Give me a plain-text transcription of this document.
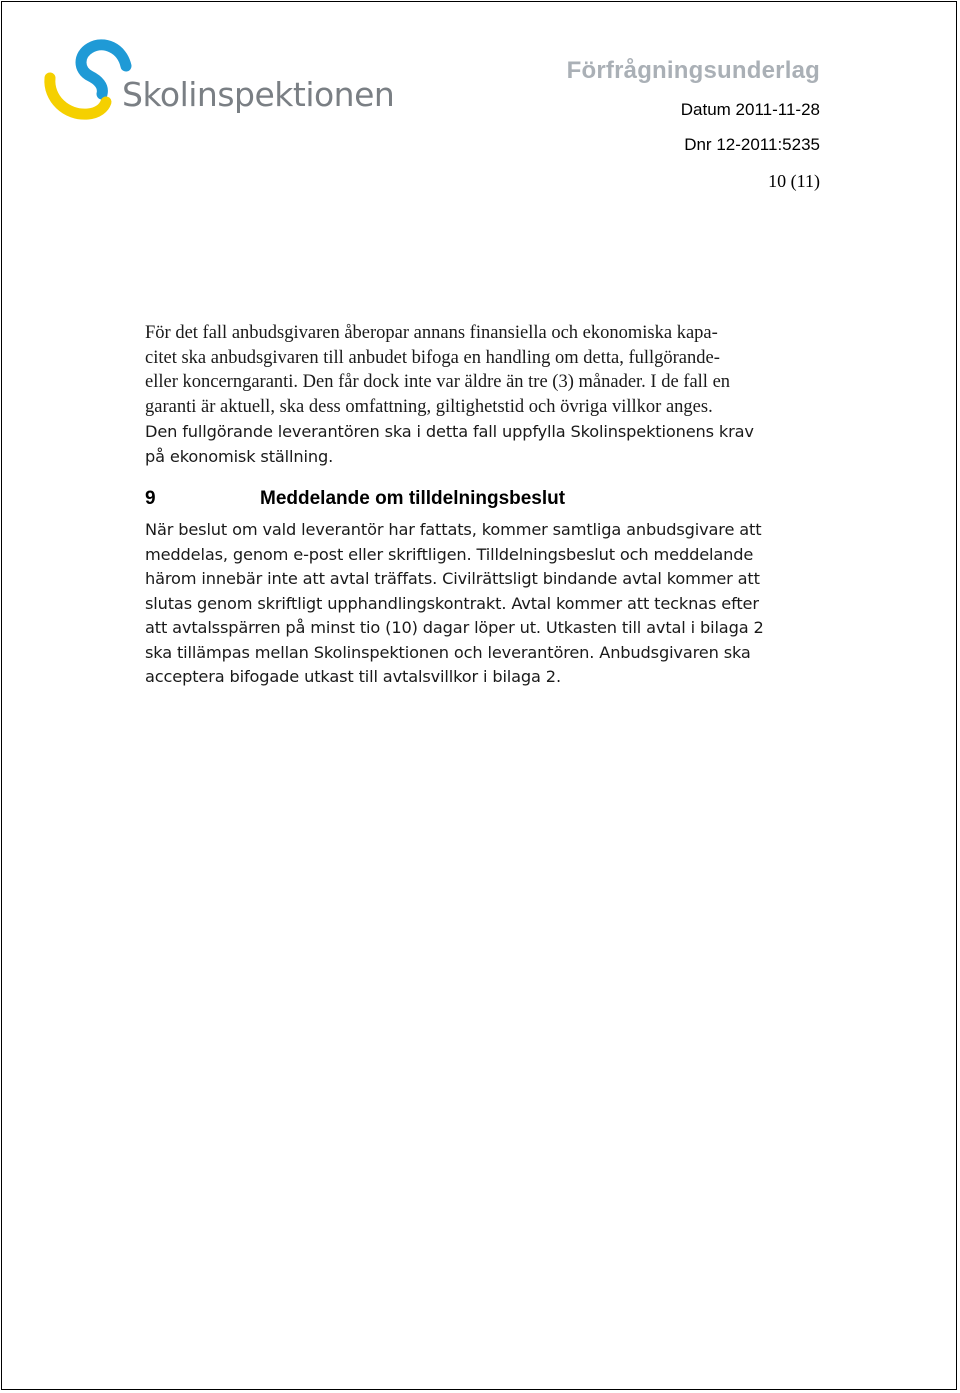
Skolinspektionen
Förfrågningsunderlag
Datum 2011-11-28
Dnr 12-2011:5235
10 (11)
För det fall anbudsgivaren åberopar annans finansiella och ekonomiska kapa-
citet ska anbudsgivaren till anbudet bifoga en handling om detta, fullgörande-
eller koncerngaranti. Den får dock inte var äldre än tre (3) månader. I de fall en
garanti är aktuell, ska dess omfattning, giltighetstid och övriga villkor anges.
Den fullgörande leverantören ska i detta fall uppfylla Skolinspektionens krav
på ekonomisk ställning.
9	Meddelande om tilldelningsbeslut
När beslut om vald leverantör har fattats, kommer samtliga anbudsgivare att
meddelas, genom e-post eller skriftligen. Tilldelningsbeslut och meddelande
härom innebär inte att avtal träffats. Civilrättsligt bindande avtal kommer att
slutas genom skriftligt upphandlingskontrakt. Avtal kommer att tecknas efter
att avtalsspärren på minst tio (10) dagar löper ut. Utkasten till avtal i bilaga 2
ska tillämpas mellan Skolinspektionen och leverantören. Anbudsgivaren ska
acceptera bifogade utkast till avtalsvillkor i bilaga 2.
